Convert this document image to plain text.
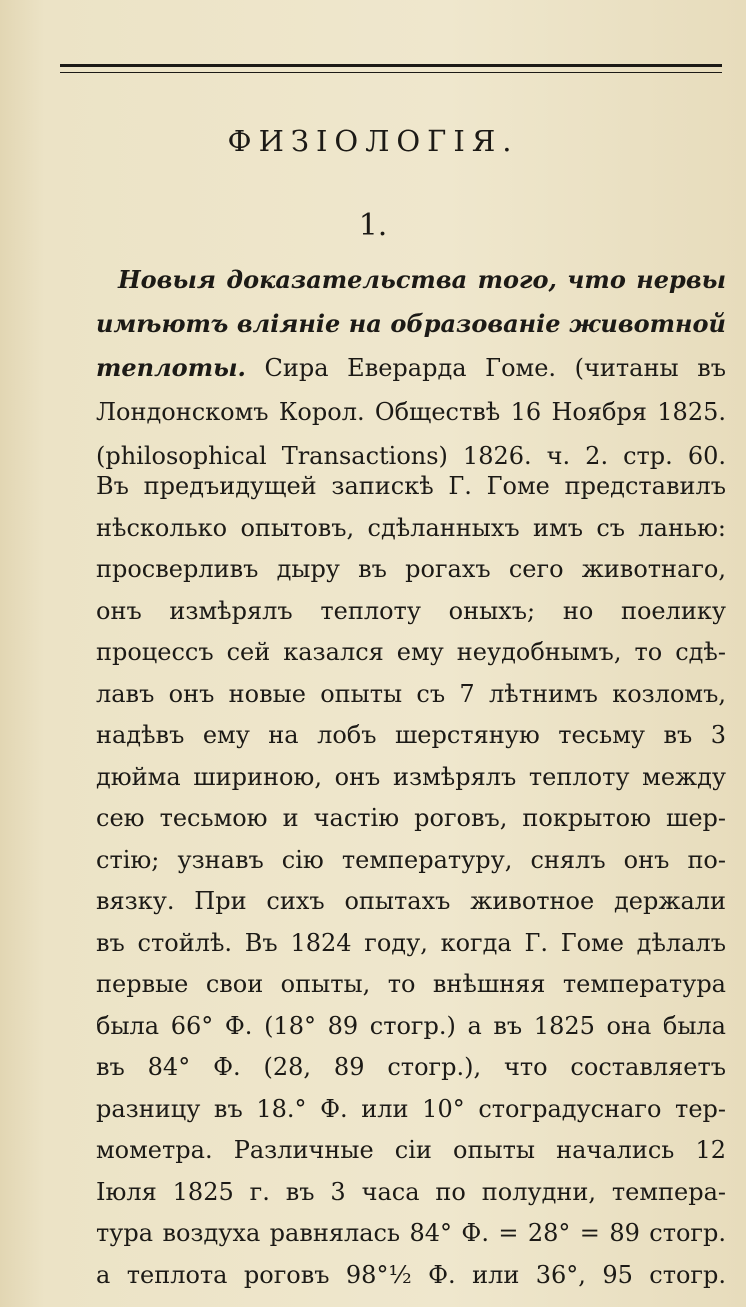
ФИЗІОЛОГІЯ.
1.
Новыя доказательства того, что нервы
имѣютъ вліяніе на образованіе животной
теплоты. Сира Еверарда Гоме. (читаны въ
Лондонскомъ Корол. Обществѣ 16 Ноября 1825.
(philosophical Transactions) 1826. ч. 2. стр. 60.
Въ предъидущей запискѣ Г. Гоме представилъ
нѣсколько опытовъ, сдѣланныхъ имъ съ ланью:
просверливъ дыру въ рогахъ сего животнаго,
онъ измѣрялъ теплоту оныхъ; но поелику
процессъ сей казался ему неудобнымъ, то сдѣ-
лавъ онъ новые опыты съ 7 лѣтнимъ козломъ,
надѣвъ ему на лобъ шерстяную тесьму въ 3
дюйма шириною, онъ измѣрялъ теплоту между
сею тесьмою и частію роговъ, покрытою шер-
стію; узнавъ сію температуру, снялъ онъ по-
вязку. При сихъ опытахъ животное держали
въ стойлѣ. Въ 1824 году, когда Г. Гоме дѣлалъ
первые свои опыты, то внѣшняя температура
была 66° Ф. (18° 89 стогр.) а въ 1825 она была
въ 84° Ф. (28, 89 стогр.), что составляетъ
разницу въ 18.° Ф. или 10° стоградуснаго тер-
мометра. Различные сіи опыты начались 12
Іюля 1825 г. въ 3 часа по полудни, темпера-
тура воздуха равнялась 84° Ф. = 28° = 89 стогр.
а теплота роговъ 98°½ Ф. или 36°, 95 стогр.
